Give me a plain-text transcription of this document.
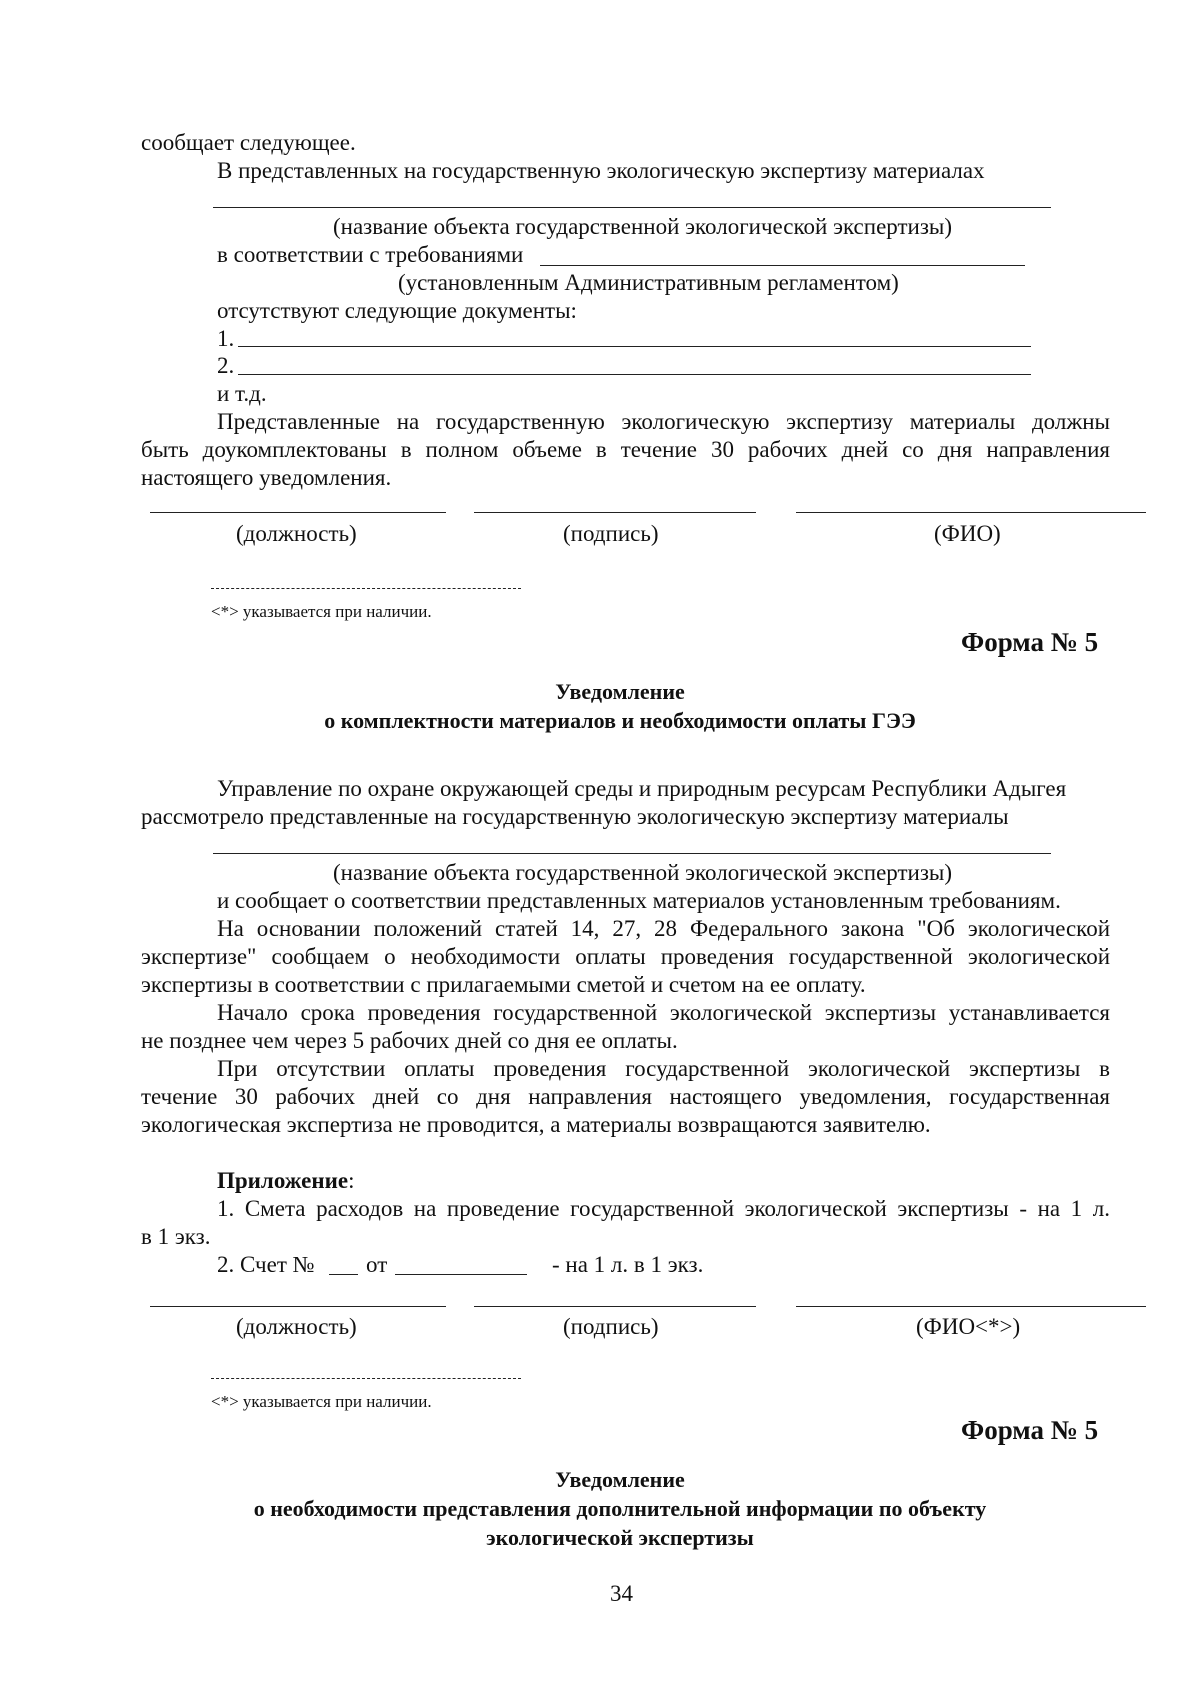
сообщает следующее.
В представленных на государственную экологическую экспертизу материалах
(название объекта государственной экологической экспертизы)
в соответствии с требованиями
(установленным Административным регламентом)
отсутствуют следующие документы:
1.
2.
и т.д.
Представленные на государственную экологическую экспертизу материалы должны
быть доукомплектованы в полном объеме в течение 30 рабочих дней со дня направления
настоящего уведомления.
(должность)	(подпись)	(ФИО)
<*> указывается при наличии.
Форма № 5
Уведомление
о комплектности материалов и необходимости оплаты ГЭЭ
Управление по охране окружающей среды и природным ресурсам Республики Адыгея
рассмотрело представленные на государственную экологическую экспертизу материалы
(название объекта государственной экологической экспертизы)
и сообщает о соответствии представленных материалов установленным требованиям.
На основании положений статей 14, 27, 28 Федерального закона "Об экологической
экспертизе" сообщаем о необходимости оплаты проведения государственной экологической
экспертизы в соответствии с прилагаемыми сметой и счетом на ее оплату.
Начало срока проведения государственной экологической экспертизы устанавливается
не позднее чем через 5 рабочих дней со дня ее оплаты.
При отсутствии оплаты проведения государственной экологической экспертизы в
течение 30 рабочих дней со дня направления настоящего уведомления, государственная
экологическая экспертиза не проводится, а материалы возвращаются заявителю.
Приложение:
1. Смета расходов на проведение государственной экологической экспертизы - на 1 л.
в 1 экз.
2. Счет № от	- на 1 л. в 1 экз.
(должность)	(подпись)	(ФИО<*>)
<*> указывается при наличии.
Форма № 5
Уведомление
о необходимости представления дополнительной информации по объекту
экологической экспертизы
34
